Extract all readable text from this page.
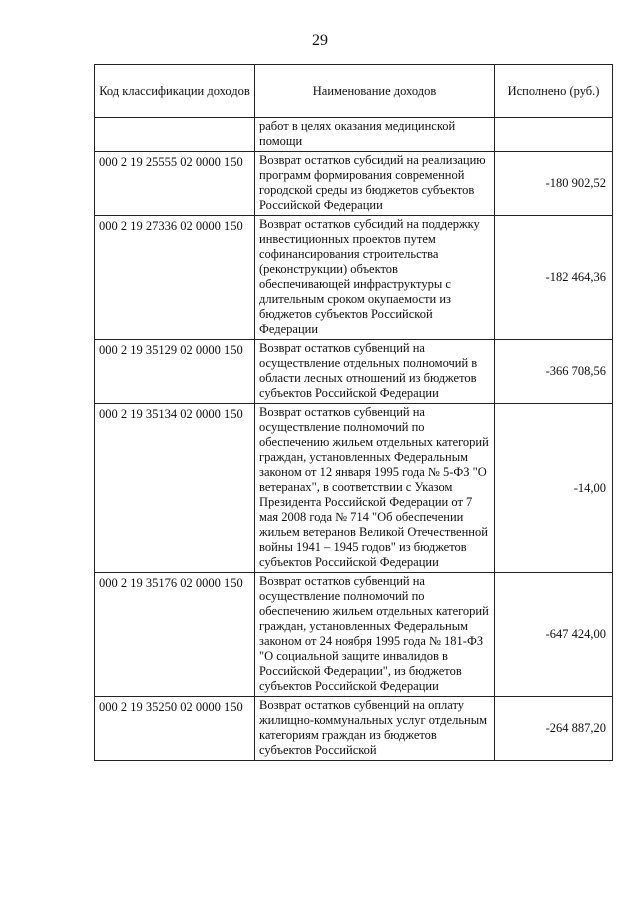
29
Код классификации доходов	Наименование доходов	Исполнено (руб.)
	работ в целях оказания медицинской помощи	
000 2 19 25555 02 0000 150	Возврат остатков субсидий на реализацию программ формирования современной городской среды из бюджетов субъектов Российской Федерации	-180 902,52
000 2 19 27336 02 0000 150	Возврат остатков субсидий на поддержку инвестиционных проектов путем софинансирования строительства (реконструкции) объектов обеспечивающей инфраструктуры с длительным сроком окупаемости из бюджетов субъектов Российской Федерации	-182 464,36
000 2 19 35129 02 0000 150	Возврат остатков субвенций на осуществление отдельных полномочий в области лесных отношений из бюджетов субъектов Российской Федерации	-366 708,56
000 2 19 35134 02 0000 150	Возврат остатков субвенций на осуществление полномочий по обеспечению жильем отдельных категорий граждан, установленных Федеральным законом от 12 января 1995 года № 5-ФЗ "О ветеранах", в соответствии с Указом Президента Российской Федерации от 7 мая 2008 года № 714 "Об обеспечении жильем ветеранов Великой Отечественной войны 1941 – 1945 годов" из бюджетов субъектов Российской Федерации	-14,00
000 2 19 35176 02 0000 150	Возврат остатков субвенций на осуществление полномочий по обеспечению жильем отдельных категорий граждан, установленных Федеральным законом от 24 ноября 1995 года № 181-ФЗ "О социальной защите инвалидов в Российской Федерации", из бюджетов субъектов Российской Федерации	-647 424,00
000 2 19 35250 02 0000 150	Возврат остатков субвенций на оплату жилищно-коммунальных услуг отдельным категориям граждан из бюджетов субъектов Российской	-264 887,20
